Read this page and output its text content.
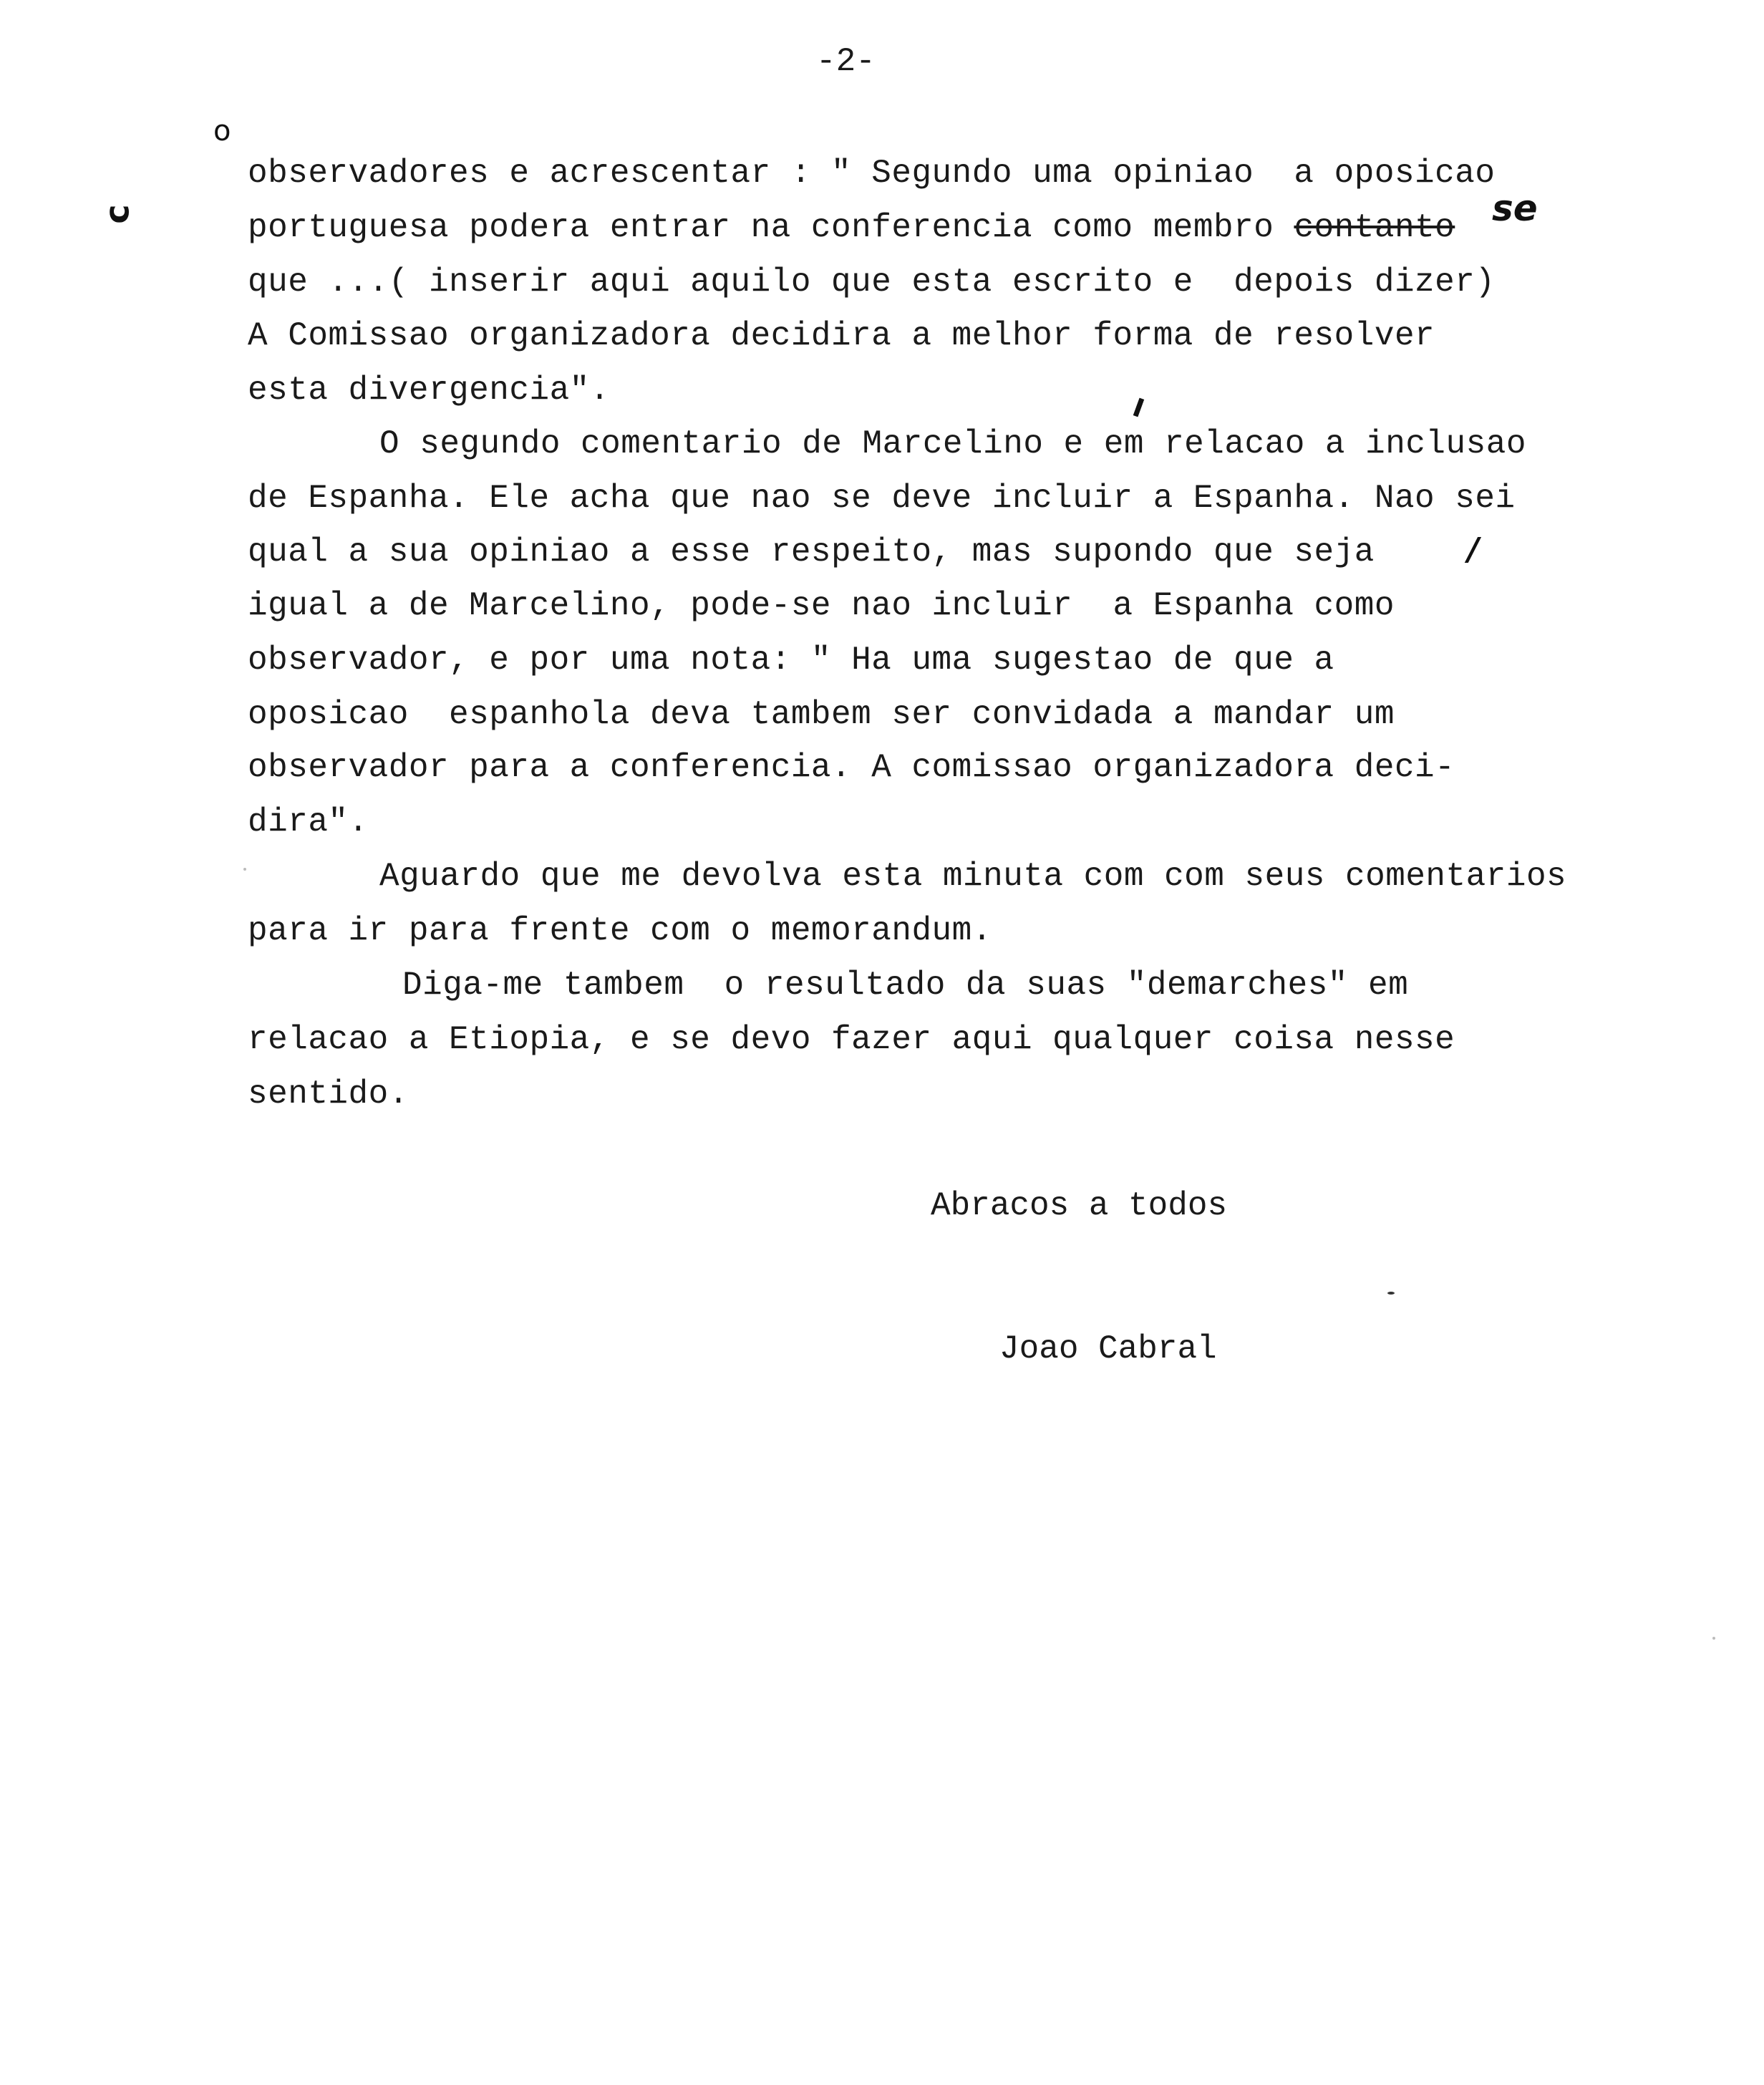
-2-
o
c
observadores e acrescentar : " Segundo uma opiniao  a oposicao
portuguesa podera entrar na conferencia como membro contanto se
que ...( inserir aqui aquilo que esta escrito e  depois dizer)
A Comissao organizadora decidira a melhor forma de resolver
esta divergencia".
O segundo comentario de Marcelino e em relacao a inclusao
de Espanha. Ele acha que nao se deve incluir a Espanha. Nao sei
qual a sua opiniao a esse respeito, mas supondo que seja	/
igual a de Marcelino, pode-se nao incluir  a Espanha como
observador, e por uma nota: " Ha uma sugestao de que a
oposicao  espanhola deva tambem ser convidada a mandar um
observador para a conferencia. A comissao organizadora deci-
dira".
Aguardo que me devolva esta minuta com com seus comentarios
para ir para frente com o memorandum.
Diga-me tambem  o resultado da suas "demarches" em
relacao a Etiopia, e se devo fazer aqui qualquer coisa nesse
sentido.
Abracos a todos
Joao Cabral
